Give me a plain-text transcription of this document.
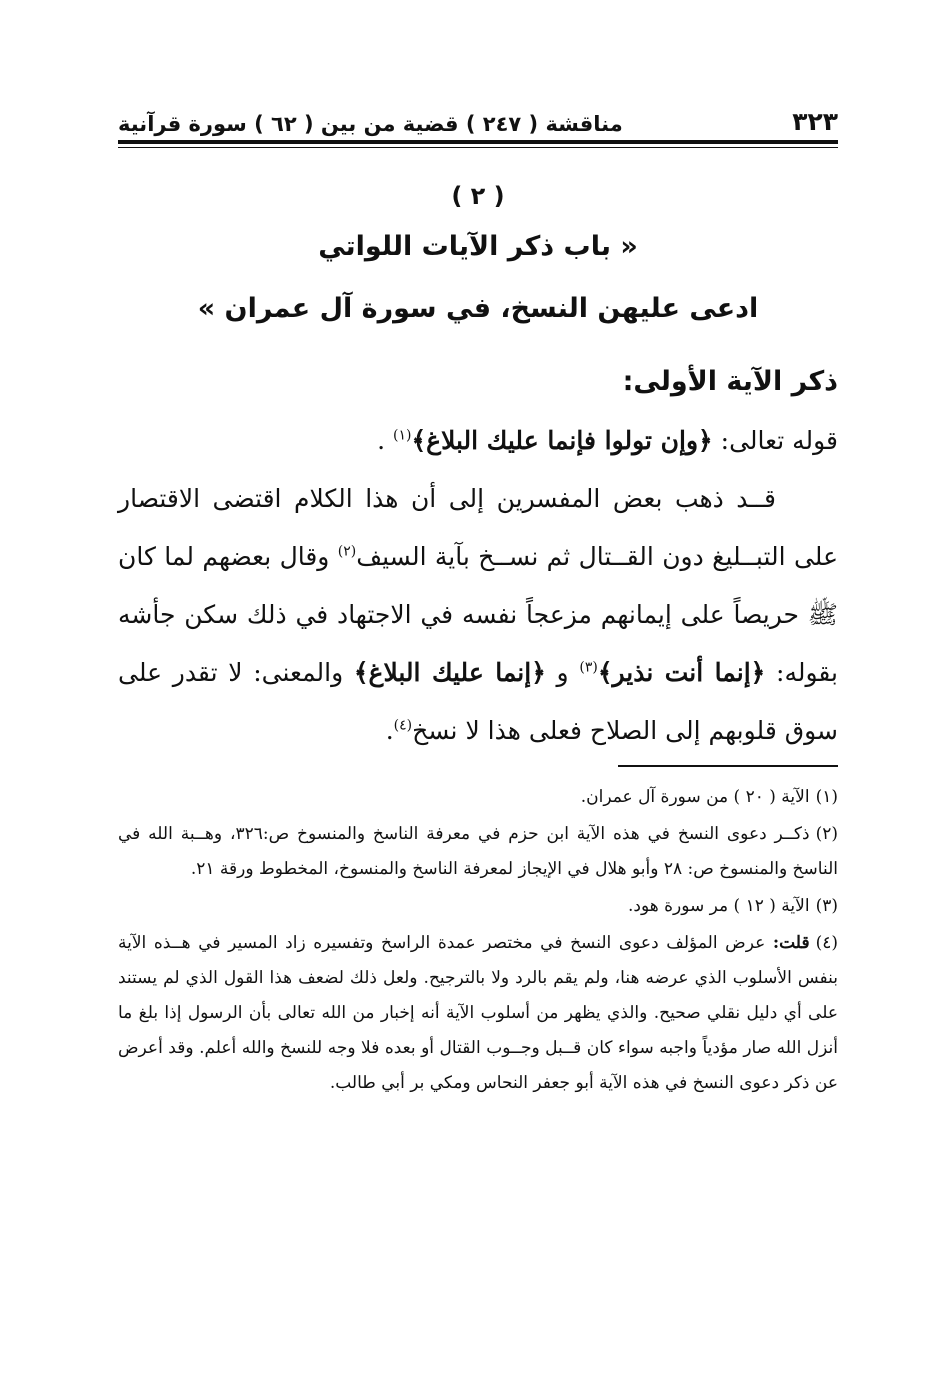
٣٢٣
مناقشة ( ٢٤٧ ) قضية من بين ( ٦٢ ) سورة قرآنية
( ٢ )
« باب ذكر الآيات اللواتي
ادعى عليهن النسخ، في سورة آل عمران »
ذكر الآية الأولى:
قوله تعالى: ﴿وإن تولوا فإنما عليك البلاغ﴾$^{(١)}$ .

قــد ذهب بعض المفسرين إلى أن هذا الكلام اقتضى الاقتصار على التبــليغ دون القــتال ثم نســخ بآية السيف$^{(٢)}$ وقال بعضهم لما كان ﷺ حريصاً على إيمانهم مزعجاً نفسه في الاجتهاد في ذلك سكن جأشه بقوله: ﴿إنما أنت نذير﴾$^{(٣)}$ و ﴿إنما عليك البلاغ﴾ والمعنى: لا تقدر على سوق قلوبهم إلى الصلاح فعلى هذا لا نسخ$^{(٤)}$.

(١)الآية ( ٢٠ ) من سورة آل عمران.

(٢)ذكــر دعوى النسخ في هذه الآية ابن حزم في معرفة الناسخ والمنسوخ ص:٣٢٦، وهــبة الله في الناسخ والمنسوخ ص: ٢٨ وأبو هلال في الإيجاز لمعرفة الناسخ والمنسوخ، المخطوط ورقة ٢١.

(٣)الآية ( ١٢ ) مر سورة هود.

(٤)قلت: عرض المؤلف دعوى النسخ في مختصر عمدة الراسخ وتفسيره زاد المسير في هــذه الآية بنفس الأسلوب الذي عرضه هنا، ولم يقم بالرد ولا بالترجيح. ولعل ذلك لضعف هذا القول الذي لم يستند على أي دليل نقلي صحيح. والذي يظهر من أسلوب الآية أنه إخبار من الله تعالى بأن الرسول إذا بلغ ما أنزل الله صار مؤدياً واجبه سواء كان قــبل وجــوب القتال أو بعده فلا وجه للنسخ والله أعلم. وقد أعرض عن ذكر دعوى النسخ في هذه الآية أبو جعفر النحاس ومكي بر أبي طالب.
